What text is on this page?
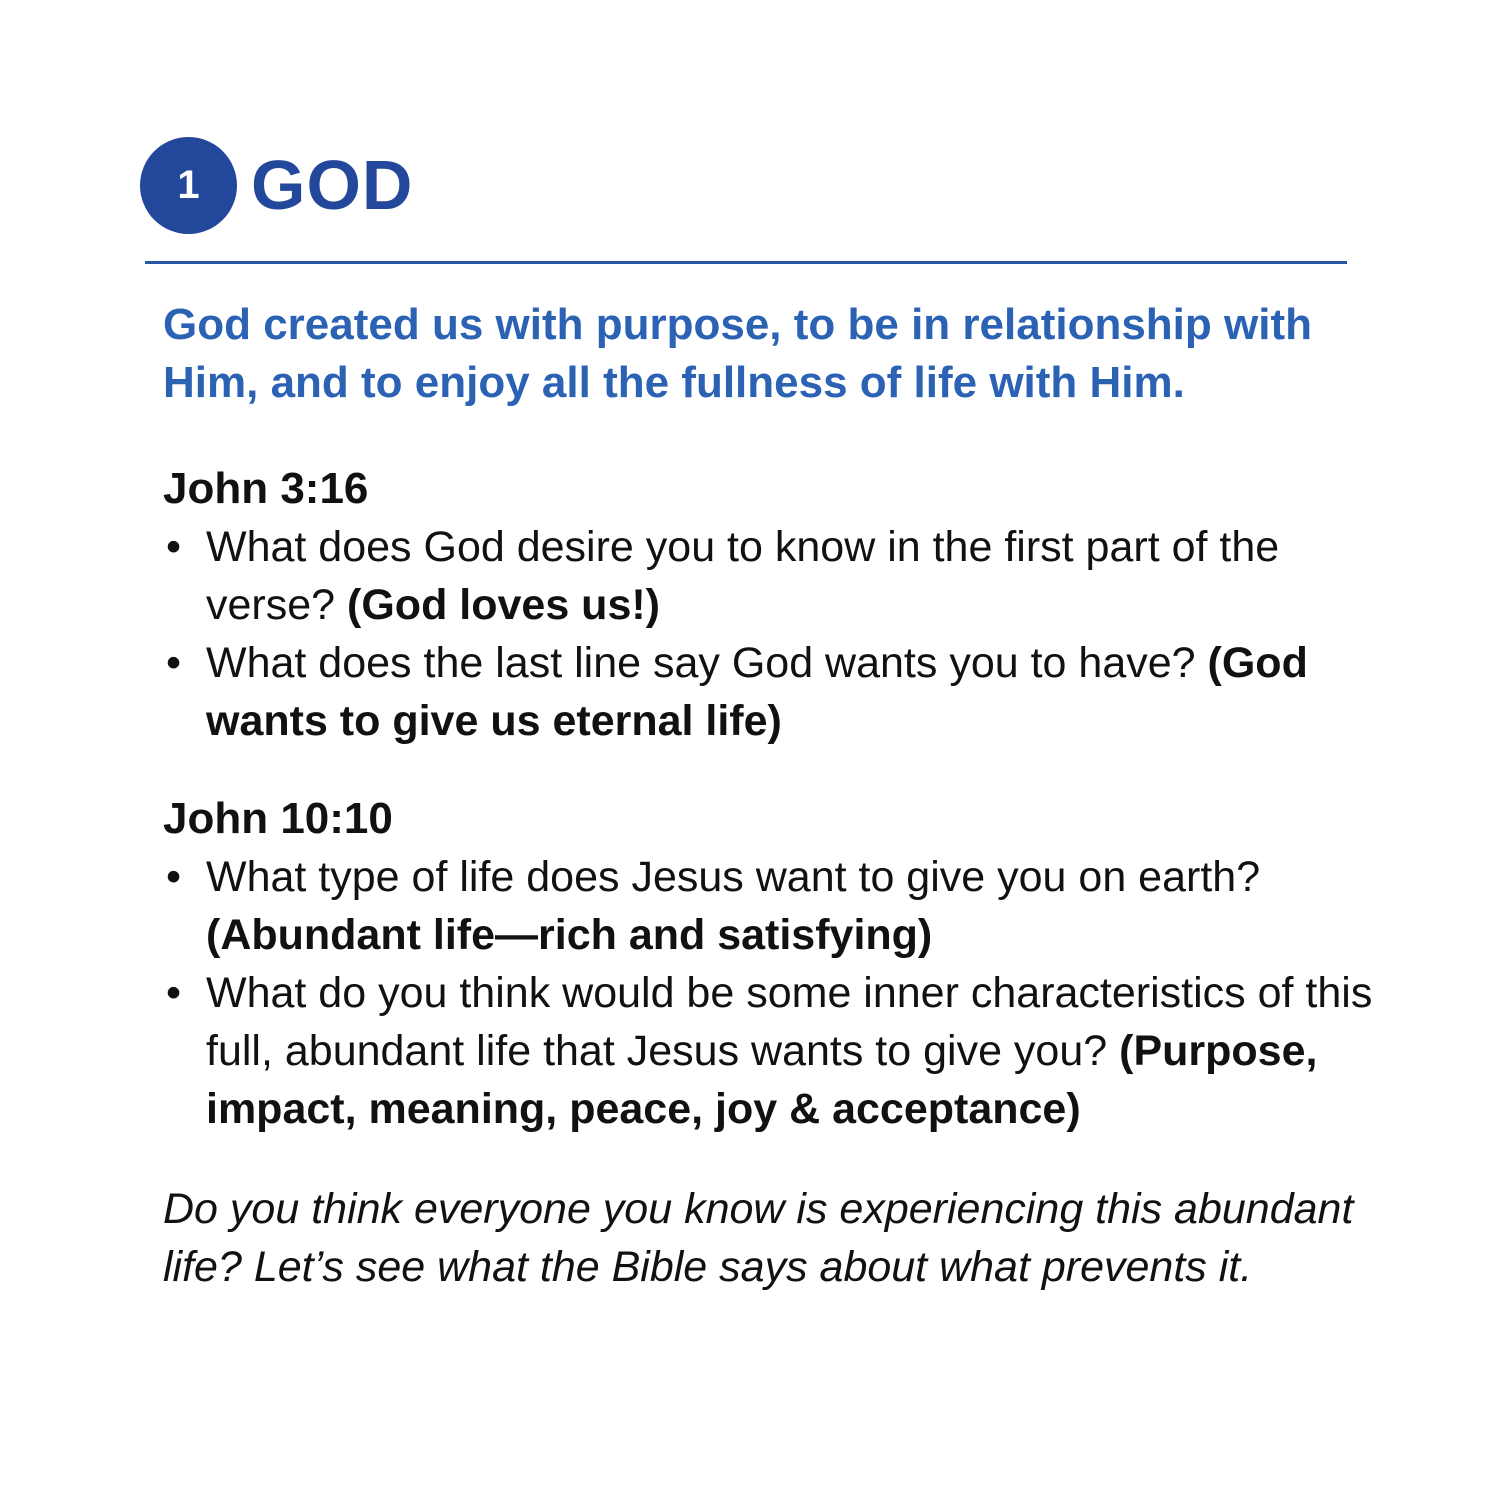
1 GOD

God created us with purpose, to be in relationship with Him, and to enjoy all the fullness of life with Him.

John 3:16

• What does God desire you to know in the first part of the verse? (God loves us!)
• What does the last line say God wants you to have? (God wants to give us eternal life)

John 10:10

• What type of life does Jesus want to give you on earth? (Abundant life—rich and satisfying)
• What do you think would be some inner characteristics of this full, abundant life that Jesus wants to give you? (Purpose, impact, meaning, peace, joy & acceptance)

Do you think everyone you know is experiencing this abundant life? Let’s see what the Bible says about what prevents it.
